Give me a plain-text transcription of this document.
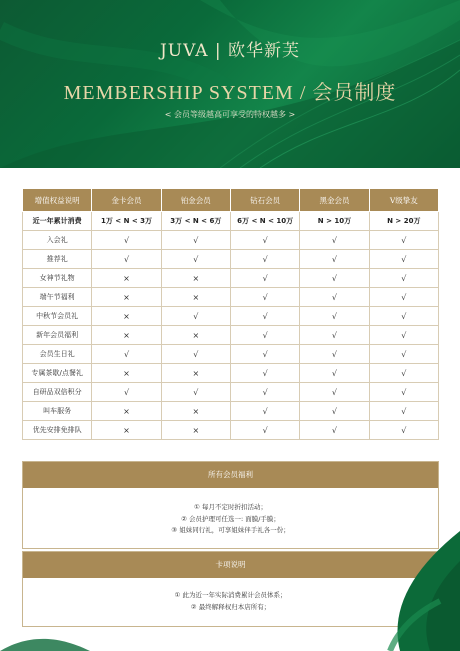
JUVA | 欧华新芙
MEMBERSHIP SYSTEM / 会员制度
< 会员等级越高可享受的特权越多 >
增值权益说明	金卡会员	铂金会员	钻石会员	黑金会员	V级挚友
近一年累计消费	1万 < N < 3万	3万 < N < 6万	6万 < N < 10万	N > 10万	N > 20万
入会礼	√	√	√	√	√
推荐礼	√	√	√	√	√
女神节礼物	×	×	√	√	√
端午节福利	×	×	√	√	√
中秋节会员礼	×	√	√	√	√
新年会员福利	×	×	√	√	√
会员生日礼	√	√	√	√	√
专属茶歇/点餐礼	×	×	√	√	√
自研品双倍积分	√	√	√	√	√
叫车服务	×	×	√	√	√
优先安排免排队	×	×	√	√	√
所有会员福利
① 每月不定时折扣活动；
② 会员护理可任选一: 面膜/手膜；
③ 姐妹同行礼，可享姐妹伴手礼各一份；
卡项说明
① 此为近一年实际消费累计会员体系；
② 最终解释权归本店所有；
